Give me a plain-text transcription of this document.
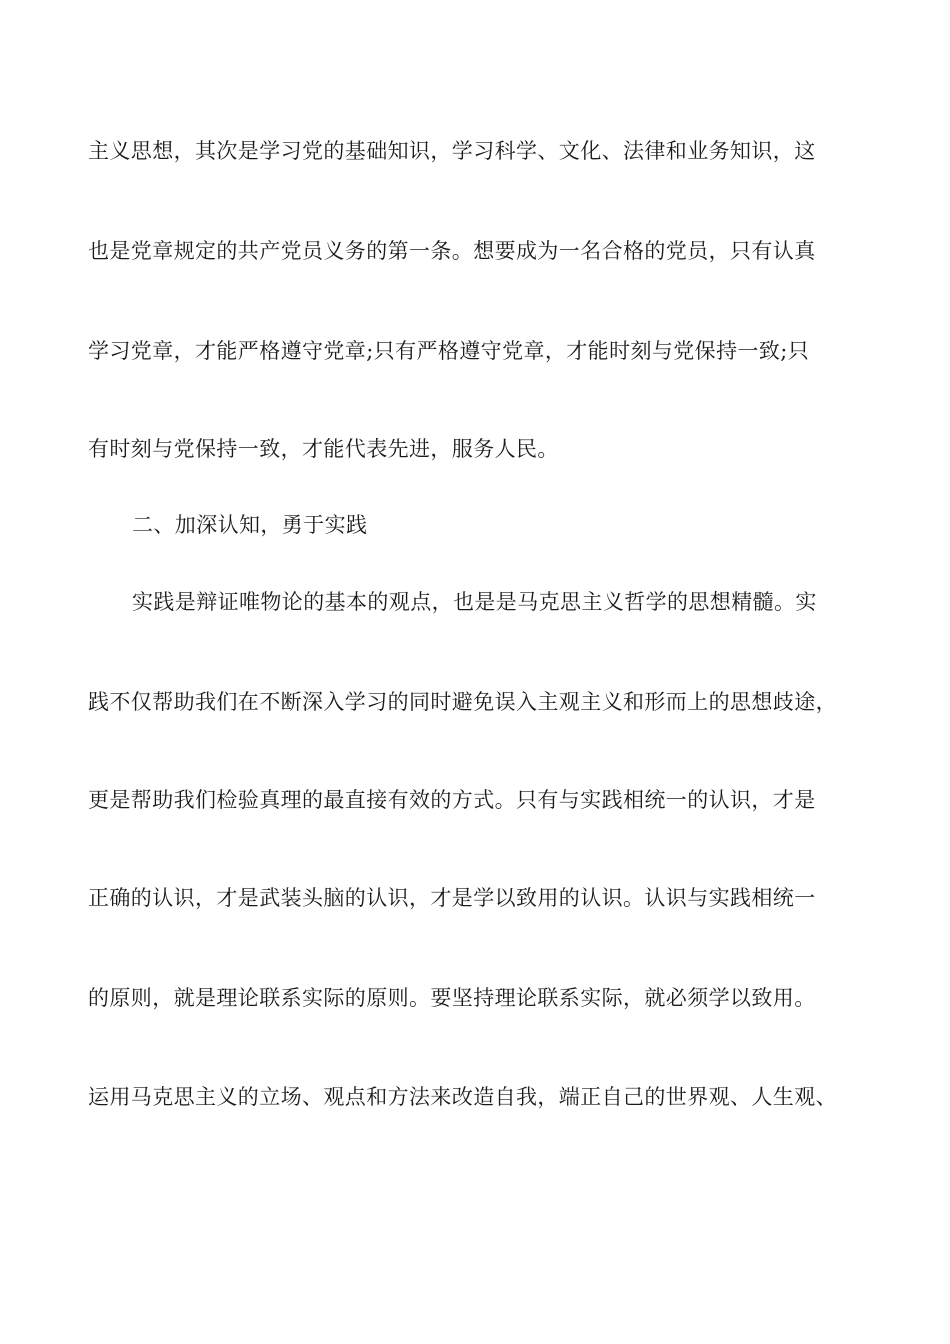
主义思想，其次是学习党的基础知识，学习科学、文化、法律和业务知识，这
也是党章规定的共产党员义务的第一条。想要成为一名合格的党员，只有认真
学习党章，才能严格遵守党章;只有严格遵守党章，才能时刻与党保持一致;只
有时刻与党保持一致，才能代表先进，服务人民。
二、加深认知，勇于实践
实践是辩证唯物论的基本的观点，也是是马克思主义哲学的思想精髓。实
践不仅帮助我们在不断深入学习的同时避免误入主观主义和形而上的思想歧途，
更是帮助我们检验真理的最直接有效的方式。只有与实践相统一的认识，才是
正确的认识，才是武装头脑的认识，才是学以致用的认识。认识与实践相统一
的原则，就是理论联系实际的原则。要坚持理论联系实际，就必须学以致用。
运用马克思主义的立场、观点和方法来改造自我，端正自己的世界观、人生观、
